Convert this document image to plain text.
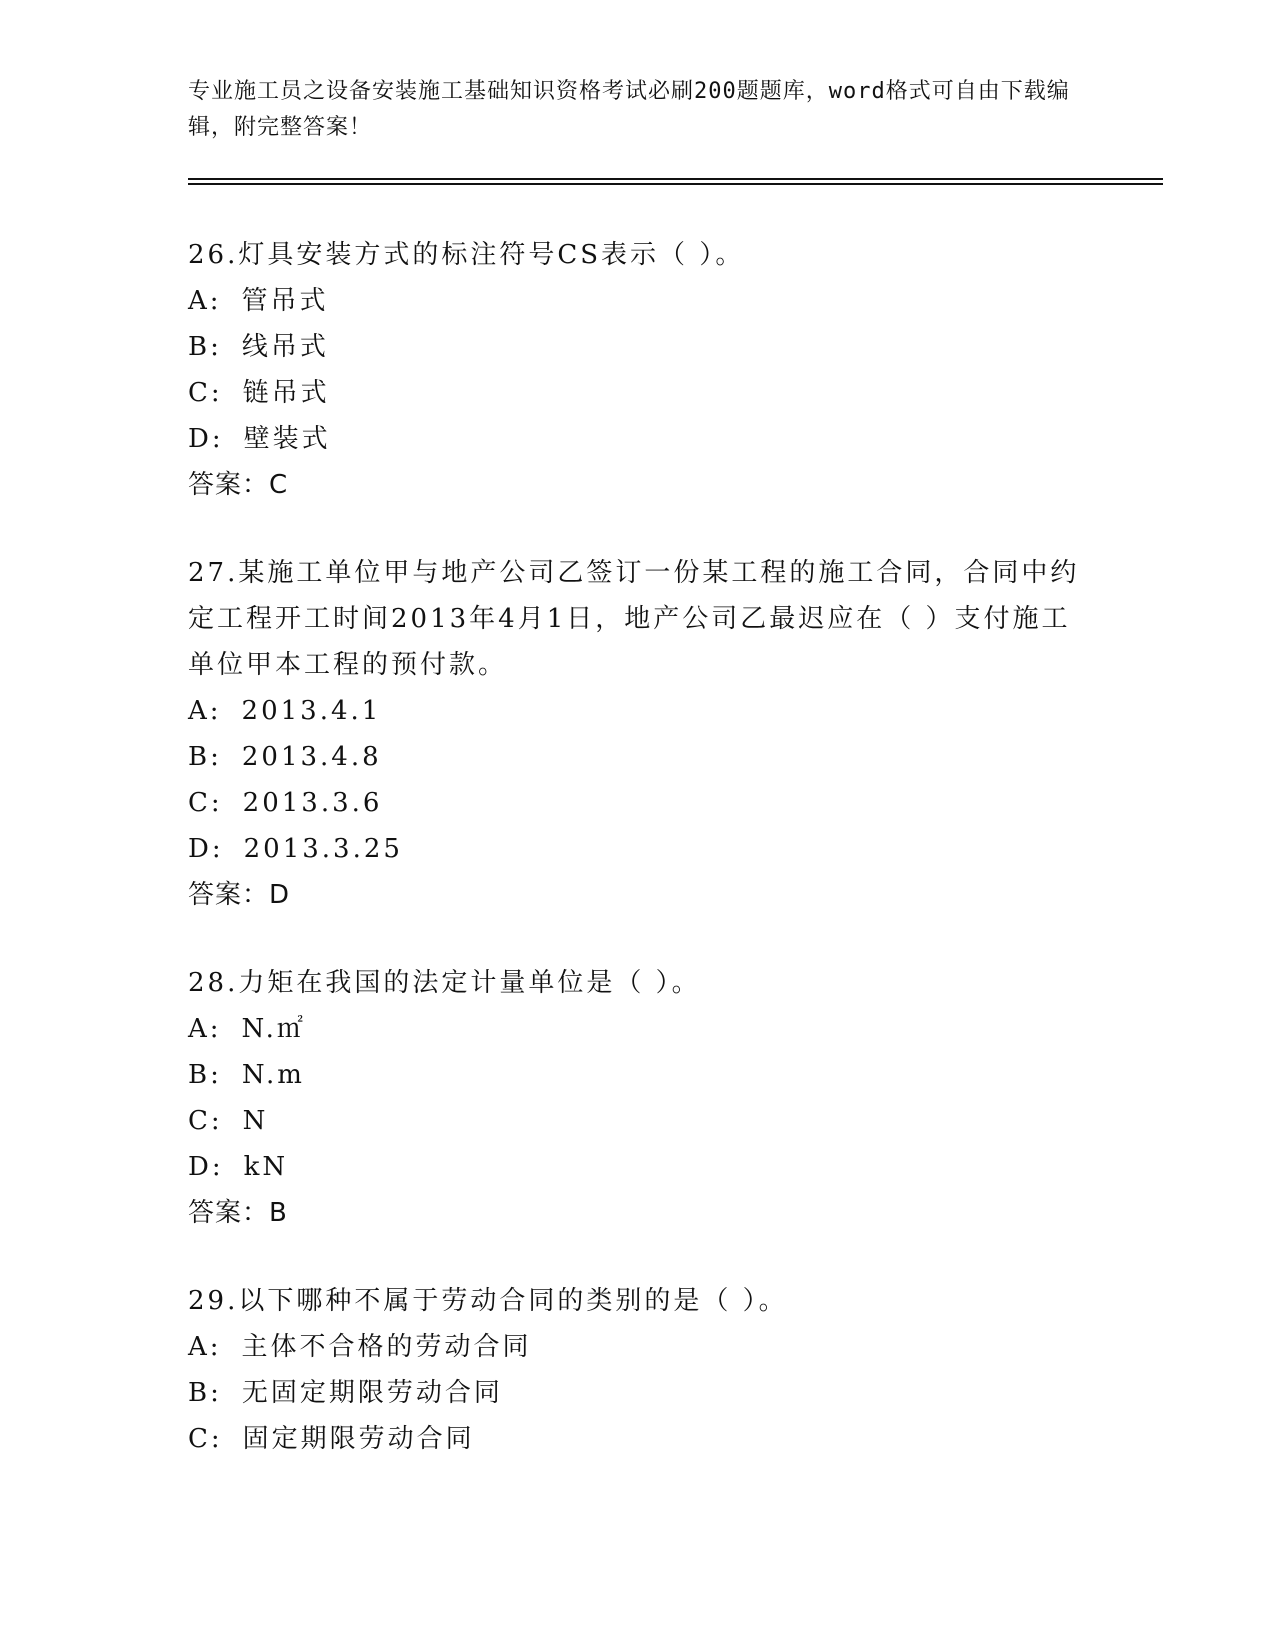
专业施工员之设备安装施工基础知识资格考试必刷200题题库，word格式可自由下载编辑，附完整答案！

26.灯具安装方式的标注符号CS表示（ ）。

A: 管吊式

B: 线吊式

C: 链吊式

D: 壁装式

答案：C

27.某施工单位甲与地产公司乙签订一份某工程的施工合同，合同中约定工程开工时间2013年4月1日，地产公司乙最迟应在（ ）支付施工单位甲本工程的预付款。

A: 2013.4.1

B: 2013.4.8

C: 2013.3.6

D: 2013.3.25

答案：D

28.力矩在我国的法定计量单位是（ ）。

A: N.㎡

B: N.m

C: N

D: kN

答案：B

29.以下哪种不属于劳动合同的类别的是（ ）。

A: 主体不合格的劳动合同

B: 无固定期限劳动合同

C: 固定期限劳动合同
